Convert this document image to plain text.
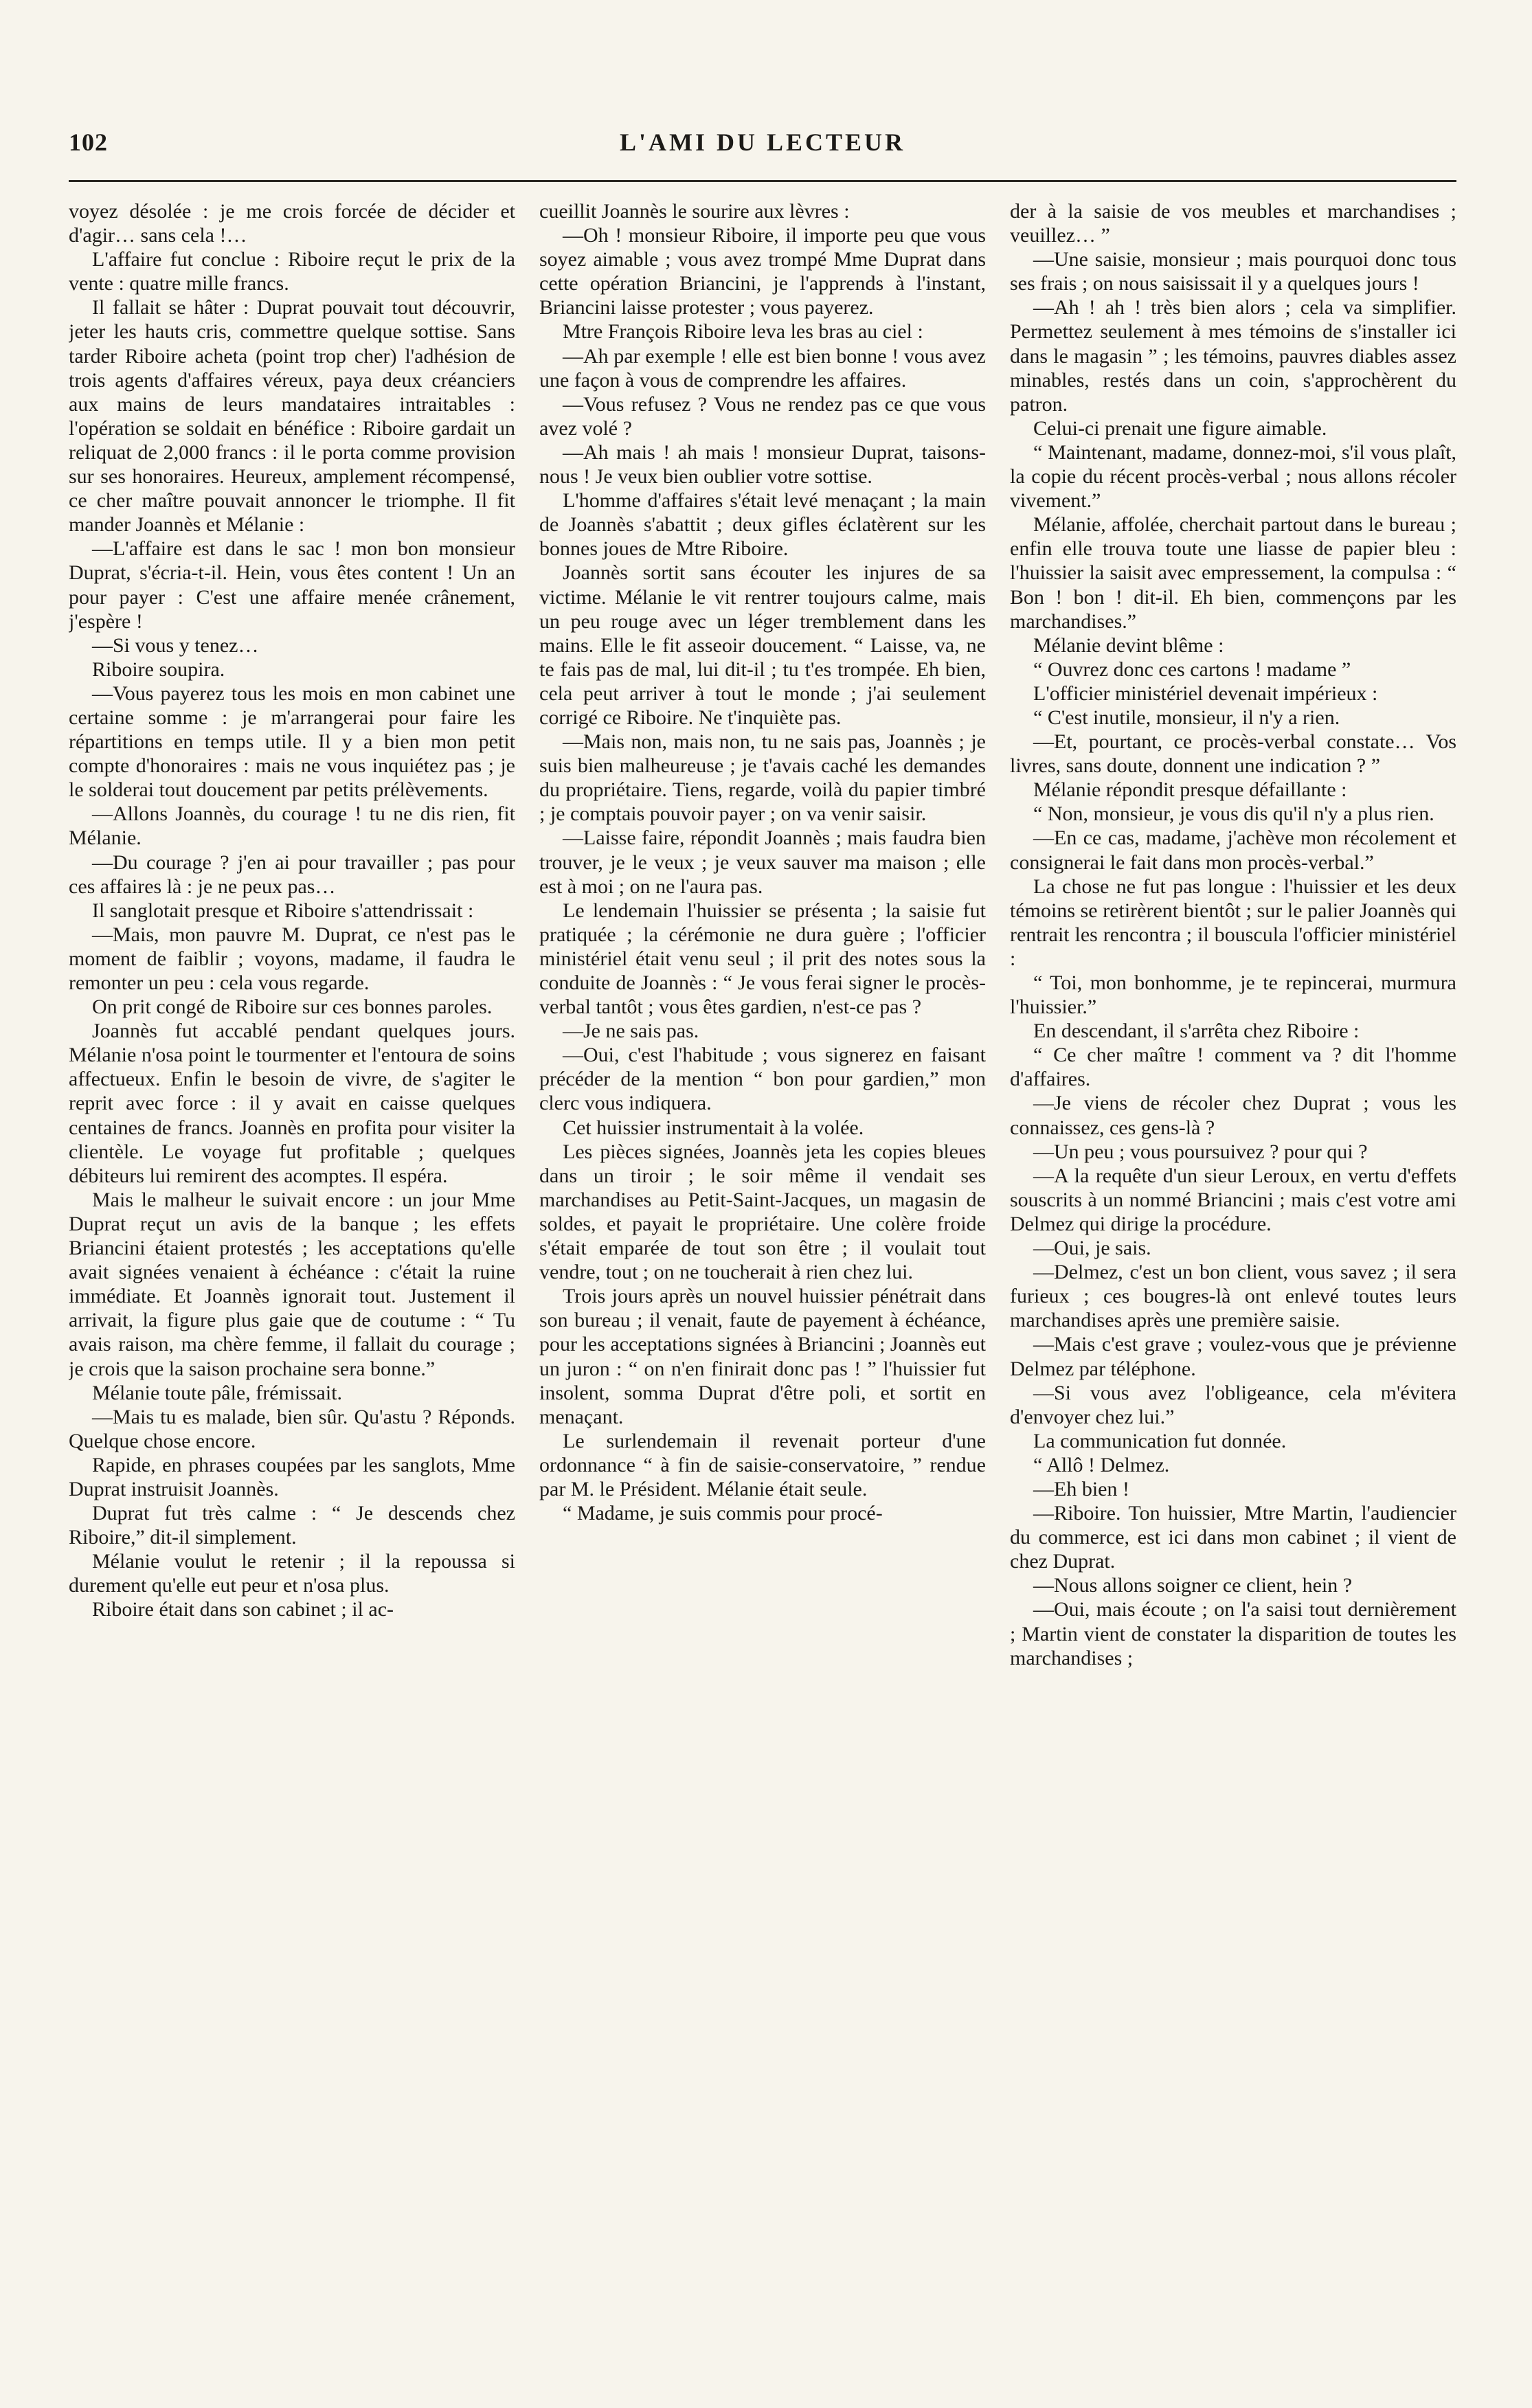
102	L'AMI DU LECTEUR

voyez désolée : je me crois forcée de décider et d'agir… sans cela !…

L'affaire fut conclue : Riboire reçut le prix de la vente : quatre mille francs.

Il fallait se hâter : Duprat pouvait tout découvrir, jeter les hauts cris, commettre quelque sottise. Sans tarder Riboire acheta (point trop cher) l'adhésion de trois agents d'affaires véreux, paya deux créanciers aux mains de leurs mandataires intraitables : l'opération se soldait en bénéfice : Riboire gardait un reliquat de 2,000 francs : il le porta comme provision sur ses honoraires. Heureux, amplement récompensé, ce cher maître pouvait annoncer le triomphe. Il fit mander Joannès et Mélanie :

—L'affaire est dans le sac ! mon bon monsieur Duprat, s'écria-t-il. Hein, vous êtes content ! Un an pour payer : C'est une affaire menée crânement, j'espère !

—Si vous y tenez…

Riboire soupira.

—Vous payerez tous les mois en mon cabinet une certaine somme : je m'arrangerai pour faire les répartitions en temps utile. Il y a bien mon petit compte d'honoraires : mais ne vous inquiétez pas ; je le solderai tout doucement par petits prélèvements.

—Allons Joannès, du courage ! tu ne dis rien, fit Mélanie.

—Du courage ? j'en ai pour travailler ; pas pour ces affaires là : je ne peux pas…

Il sanglotait presque et Riboire s'attendrissait :

—Mais, mon pauvre M. Duprat, ce n'est pas le moment de faiblir ; voyons, madame, il faudra le remonter un peu : cela vous regarde.

On prit congé de Riboire sur ces bonnes paroles.

Joannès fut accablé pendant quelques jours. Mélanie n'osa point le tourmenter et l'entoura de soins affectueux. Enfin le besoin de vivre, de s'agiter le reprit avec force : il y avait en caisse quelques centaines de francs. Joannès en profita pour visiter la clientèle. Le voyage fut profitable ; quelques débiteurs lui remirent des acomptes. Il espéra.

Mais le malheur le suivait encore : un jour Mme Duprat reçut un avis de la banque ; les effets Briancini étaient protestés ; les acceptations qu'elle avait signées venaient à échéance : c'était la ruine immédiate. Et Joannès ignorait tout. Justement il arrivait, la figure plus gaie que de coutume : “ Tu avais raison, ma chère femme, il fallait du courage ; je crois que la saison prochaine sera bonne.”

Mélanie toute pâle, frémissait.

—Mais tu es malade, bien sûr. Qu'astu ? Réponds. Quelque chose encore.

Rapide, en phrases coupées par les sanglots, Mme Duprat instruisit Joannès.

Duprat fut très calme : “ Je descends chez Riboire,” dit-il simplement.

Mélanie voulut le retenir ; il la repoussa si durement qu'elle eut peur et n'osa plus.

Riboire était dans son cabinet ; il ac-

cueillit Joannès le sourire aux lèvres :

—Oh ! monsieur Riboire, il importe peu que vous soyez aimable ; vous avez trompé Mme Duprat dans cette opération Briancini, je l'apprends à l'instant, Briancini laisse protester ; vous payerez.

Mtre François Riboire leva les bras au ciel :

—Ah par exemple ! elle est bien bonne ! vous avez une façon à vous de comprendre les affaires.

—Vous refusez ? Vous ne rendez pas ce que vous avez volé ?

—Ah mais ! ah mais ! monsieur Duprat, taisons-nous ! Je veux bien oublier votre sottise.

L'homme d'affaires s'était levé menaçant ; la main de Joannès s'abattit ; deux gifles éclatèrent sur les bonnes joues de Mtre Riboire.

Joannès sortit sans écouter les injures de sa victime. Mélanie le vit rentrer toujours calme, mais un peu rouge avec un léger tremblement dans les mains. Elle le fit asseoir doucement. “ Laisse, va, ne te fais pas de mal, lui dit-il ; tu t'es trompée. Eh bien, cela peut arriver à tout le monde ; j'ai seulement corrigé ce Riboire. Ne t'inquiète pas.

—Mais non, mais non, tu ne sais pas, Joannès ; je suis bien malheureuse ; je t'avais caché les demandes du propriétaire. Tiens, regarde, voilà du papier timbré ; je comptais pouvoir payer ; on va venir saisir.

—Laisse faire, répondit Joannès ; mais faudra bien trouver, je le veux ; je veux sauver ma maison ; elle est à moi ; on ne l'aura pas.

Le lendemain l'huissier se présenta ; la saisie fut pratiquée ; la cérémonie ne dura guère ; l'officier ministériel était venu seul ; il prit des notes sous la conduite de Joannès : “ Je vous ferai signer le procès-verbal tantôt ; vous êtes gardien, n'est-ce pas ?

—Je ne sais pas.

—Oui, c'est l'habitude ; vous signerez en faisant précéder de la mention “ bon pour gardien,” mon clerc vous indiquera.

Cet huissier instrumentait à la volée.

Les pièces signées, Joannès jeta les copies bleues dans un tiroir ; le soir même il vendait ses marchandises au Petit-Saint-Jacques, un magasin de soldes, et payait le propriétaire. Une colère froide s'était emparée de tout son être ; il voulait tout vendre, tout ; on ne toucherait à rien chez lui.

Trois jours après un nouvel huissier pénétrait dans son bureau ; il venait, faute de payement à échéance, pour les acceptations signées à Briancini ; Joannès eut un juron : “ on n'en finirait donc pas ! ” l'huissier fut insolent, somma Duprat d'être poli, et sortit en menaçant.

Le surlendemain il revenait porteur d'une ordonnance “ à fin de saisie-conservatoire, ” rendue par M. le Président. Mélanie était seule.

“ Madame, je suis commis pour procé-

der à la saisie de vos meubles et marchandises ; veuillez… ”

—Une saisie, monsieur ; mais pourquoi donc tous ses frais ; on nous saisissait il y a quelques jours !

—Ah ! ah ! très bien alors ; cela va simplifier. Permettez seulement à mes témoins de s'installer ici dans le magasin ” ; les témoins, pauvres diables assez minables, restés dans un coin, s'approchèrent du patron.

Celui-ci prenait une figure aimable.

“ Maintenant, madame, donnez-moi, s'il vous plaît, la copie du récent procès-verbal ; nous allons récoler vivement.”

Mélanie, affolée, cherchait partout dans le bureau ; enfin elle trouva toute une liasse de papier bleu : l'huissier la saisit avec empressement, la compulsa : “ Bon ! bon ! dit-il. Eh bien, commençons par les marchandises.”

Mélanie devint blême :

“ Ouvrez donc ces cartons ! madame ”

L'officier ministériel devenait impérieux :

“ C'est inutile, monsieur, il n'y a rien.

—Et, pourtant, ce procès-verbal constate… Vos livres, sans doute, donnent une indication ? ”

Mélanie répondit presque défaillante :

“ Non, monsieur, je vous dis qu'il n'y a plus rien.

—En ce cas, madame, j'achève mon récolement et consignerai le fait dans mon procès-verbal.”

La chose ne fut pas longue : l'huissier et les deux témoins se retirèrent bientôt ; sur le palier Joannès qui rentrait les rencontra ; il bouscula l'officier ministériel :

“ Toi, mon bonhomme, je te repincerai, murmura l'huissier.”

En descendant, il s'arrêta chez Riboire :

“ Ce cher maître ! comment va ? dit l'homme d'affaires.

—Je viens de récoler chez Duprat ; vous les connaissez, ces gens-là ?

—Un peu ; vous poursuivez ? pour qui ?

—A la requête d'un sieur Leroux, en vertu d'effets souscrits à un nommé Briancini ; mais c'est votre ami Delmez qui dirige la procédure.

—Oui, je sais.

—Delmez, c'est un bon client, vous savez ; il sera furieux ; ces bougres-là ont enlevé toutes leurs marchandises après une première saisie.

—Mais c'est grave ; voulez-vous que je prévienne Delmez par téléphone.

—Si vous avez l'obligeance, cela m'évitera d'envoyer chez lui.”

La communication fut donnée.

“ Allô ! Delmez.

—Eh bien !

—Riboire. Ton huissier, Mtre Martin, l'audiencier du commerce, est ici dans mon cabinet ; il vient de chez Duprat.

—Nous allons soigner ce client, hein ?

—Oui, mais écoute ; on l'a saisi tout dernièrement ; Martin vient de constater la disparition de toutes les marchandises ;
